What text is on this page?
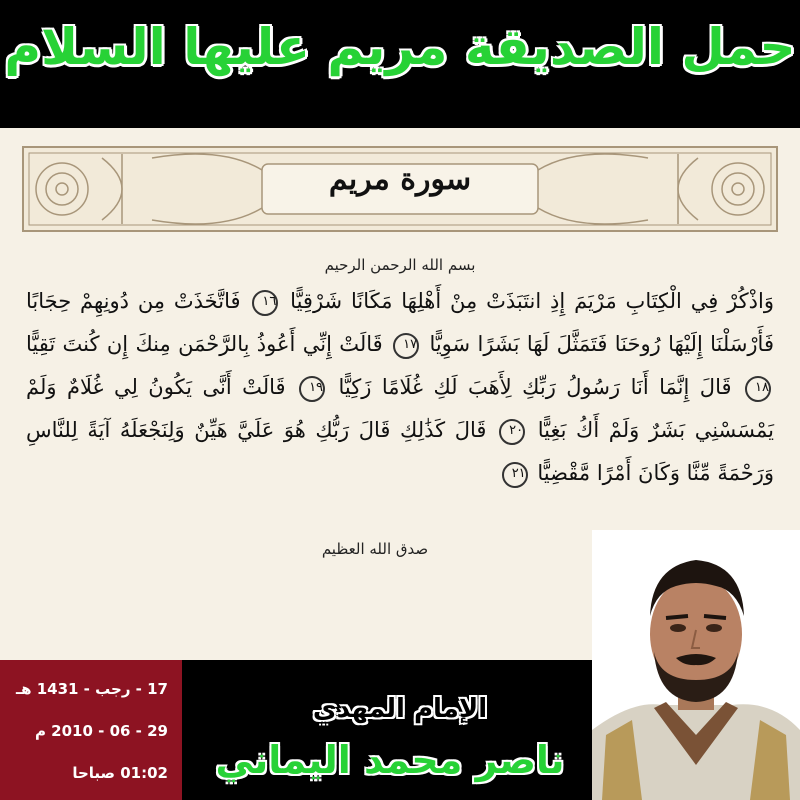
حمل الصديقة مريم عليها السلام
سورة مريم
بسم الله الرحمن الرحيم
وَاذْكُرْ فِي الْكِتَابِ مَرْيَمَ إِذِ انتَبَذَتْ مِنْ أَهْلِهَا مَكَانًا شَرْقِيًّا ١٦ فَاتَّخَذَتْ مِن دُونِهِمْ حِجَابًا فَأَرْسَلْنَا إِلَيْهَا رُوحَنَا فَتَمَثَّلَ لَهَا بَشَرًا سَوِيًّا ١٧ قَالَتْ إِنِّي أَعُوذُ بِالرَّحْمَن مِنكَ إِن كُنتَ تَقِيًّا ١٨ قَالَ إِنَّمَا أَنَا رَسُولُ رَبِّكِ لِأَهَبَ لَكِ غُلَامًا زَكِيًّا ١٩ قَالَتْ أَنَّى يَكُونُ لِي غُلَامٌ وَلَمْ يَمْسَسْنِي بَشَرٌ وَلَمْ أَكُ بَغِيًّا ٢٠ قَالَ كَذَٰلِكِ قَالَ رَبُّكِ هُوَ عَلَيَّ هَيِّنٌ وَلِنَجْعَلَهُ آيَةً لِلنَّاسِ وَرَحْمَةً مِّنَّا وَكَانَ أَمْرًا مَّقْضِيًّا ٢١
صدق الله العظيم
17 - رجب - 1431 هـ
29 - 06 - 2010 م
01:02 صباحا
الإمام المهدي
ناصر محمد اليماني
